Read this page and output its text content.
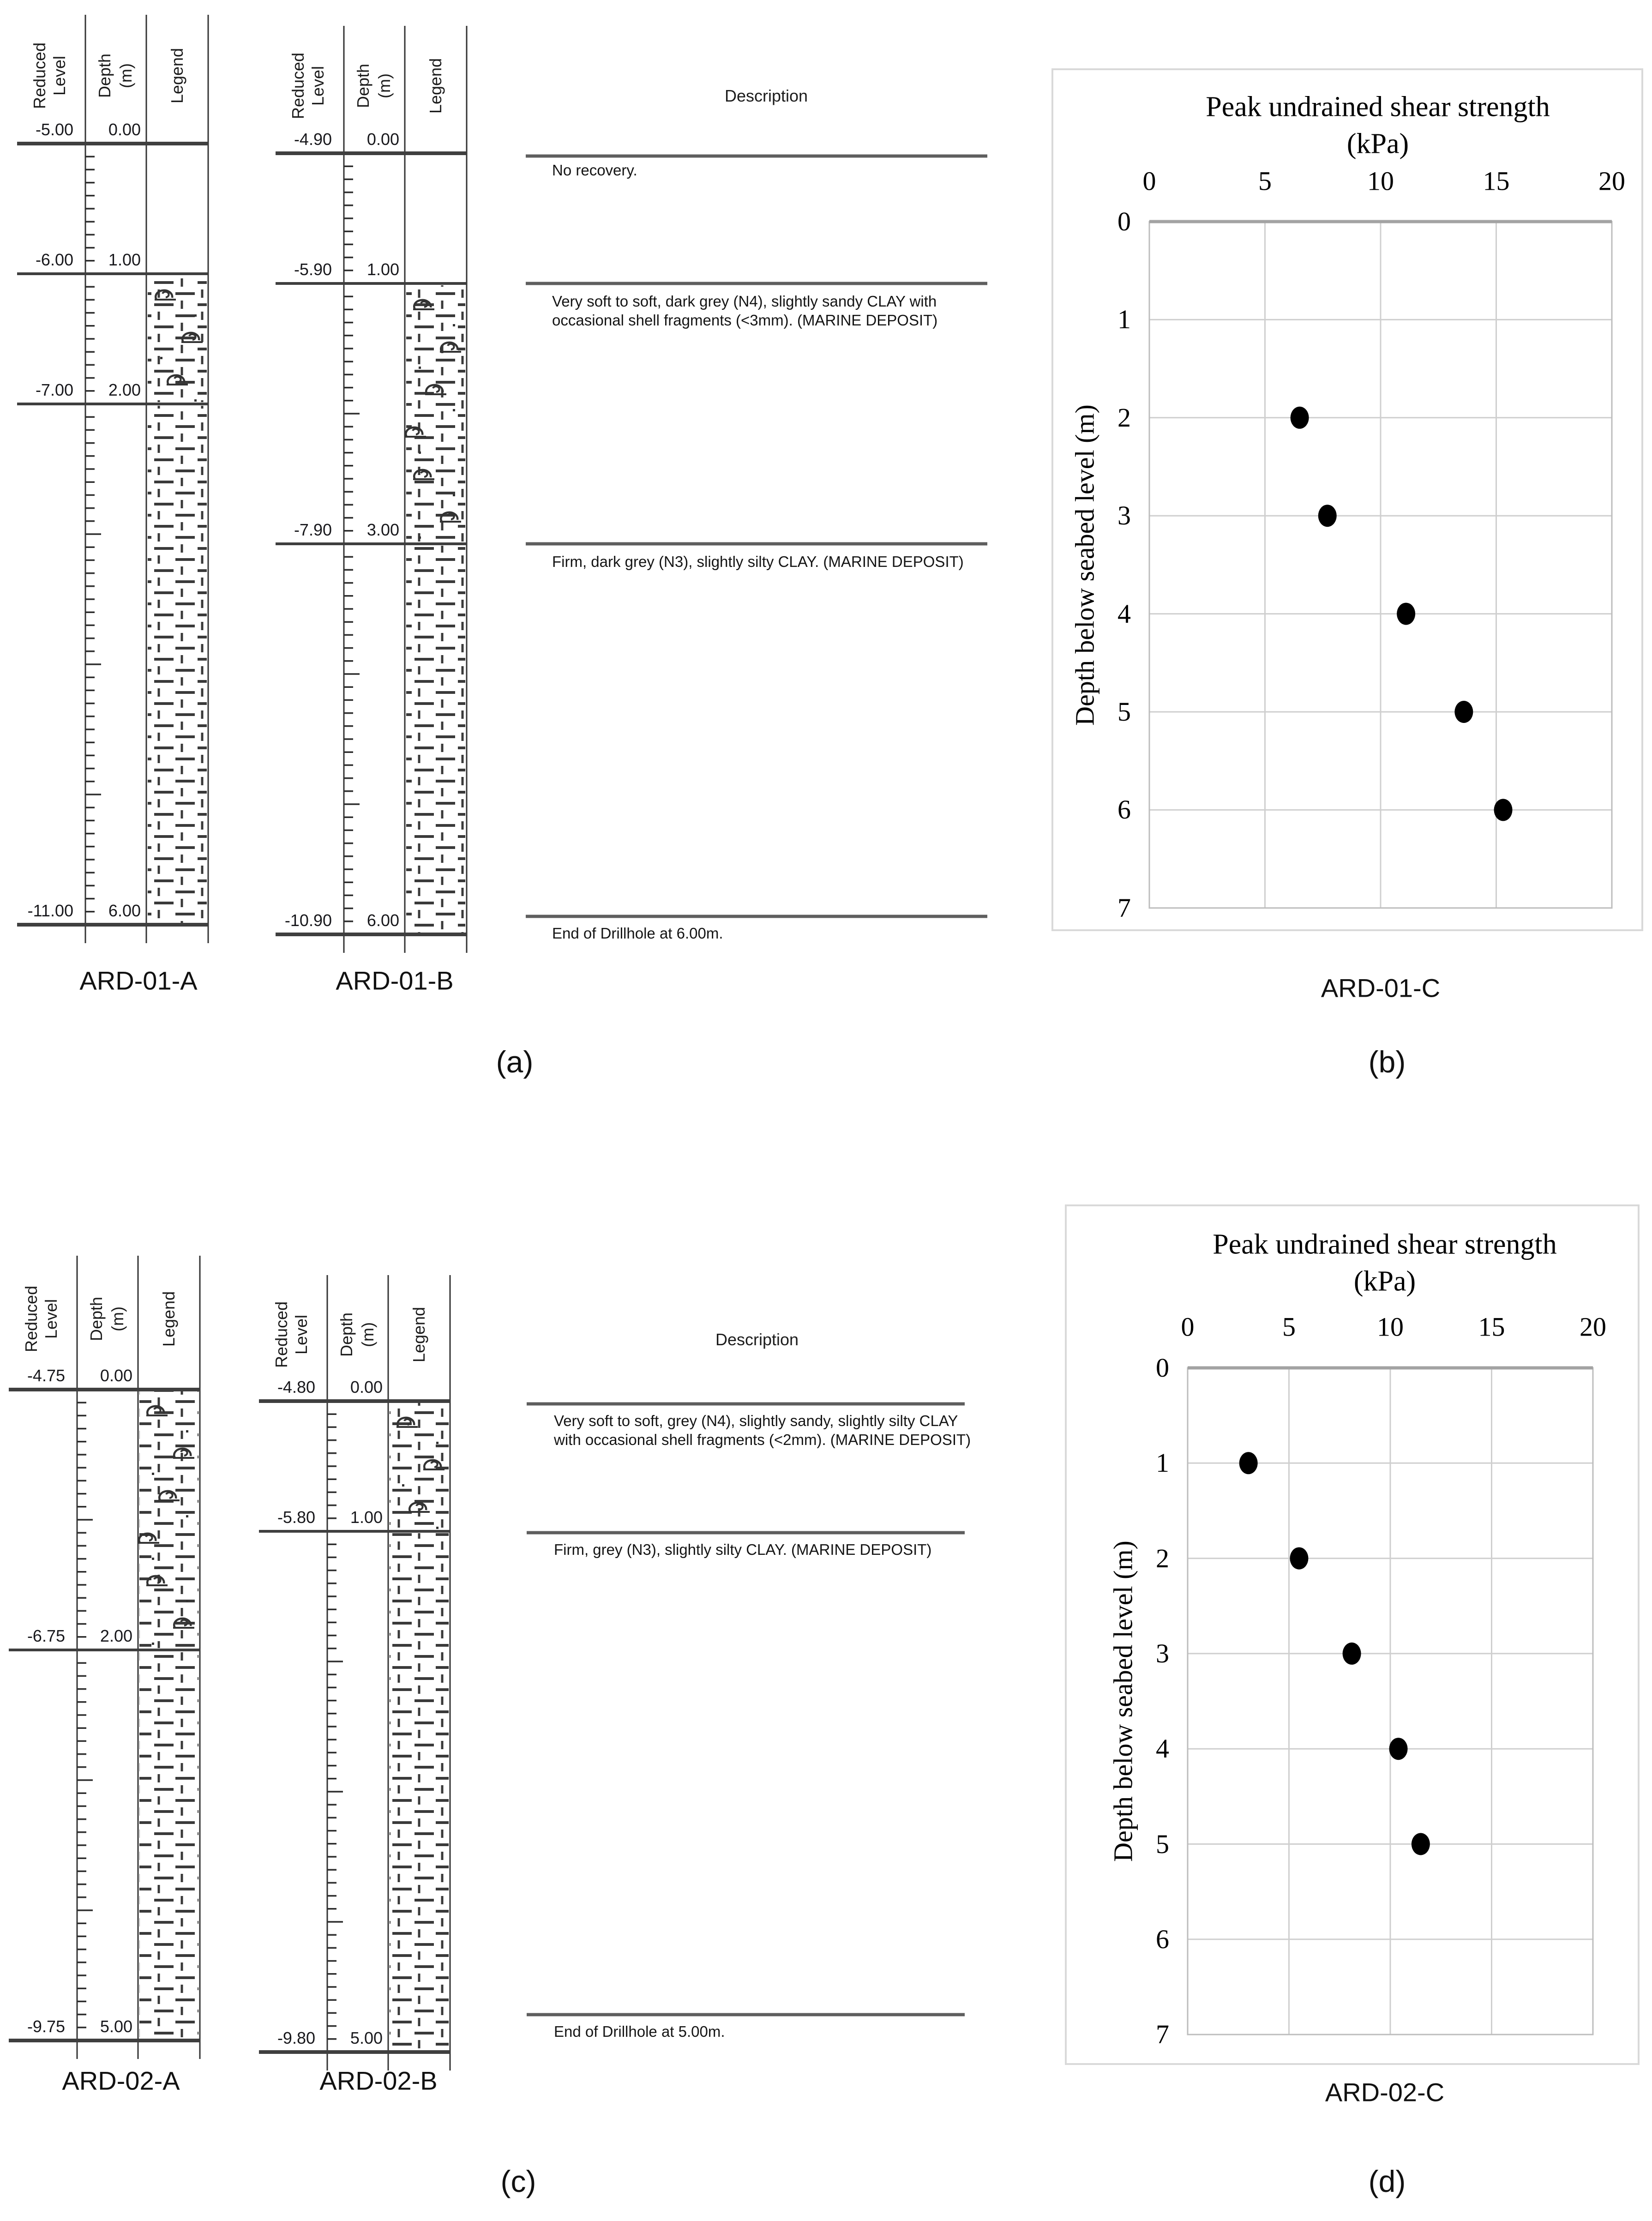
Description
No recovery.
Very soft to soft, dark grey (N4), slightly sandy CLAY with occasional shell fragments (<3mm). (MARINE DEPOSIT)
Firm, dark grey (N3), slightly silty CLAY. (MARINE DEPOSIT)
End of Drillhole at 6.00m.
Description
Very soft to soft, grey (N4), slightly sandy, slightly silty CLAY with occasional shell fragments (<2mm). (MARINE DEPOSIT)
Firm, grey (N3), slightly silty CLAY. (MARINE DEPOSIT)
End of Drillhole at 5.00m.
Peak undrained shear strength
(kPa)
Depth below seabed level (m)
ARD-01-C
Peak undrained shear strength
(kPa)
Depth below seabed level (m)
ARD-02-C
ARD-01-A	ARD-01-B
ARD-02-A	ARD-02-B
(a)	(b)
(c)	(d)
-5.00	0.00
-6.00	1.00
-7.00	2.00
-11.00	6.00
Reduced Level Depth (m) Legend
-4.90	0.00
-5.90	1.00
-7.90	3.00
-10.90	6.00
Reduced Level Depth (m) Legend
-4.75	0.00
-6.75	2.00
-9.75	5.00
Reduced Level Depth (m) Legend
-4.80	0.00
-5.80	1.00
-9.80	5.00
Reduced Level Depth (m) Legend
0	5	10	15	20
0
1
2
3
4
5
6
7
0	5	10	15	20
0
1
2
3
4
5
6
7
